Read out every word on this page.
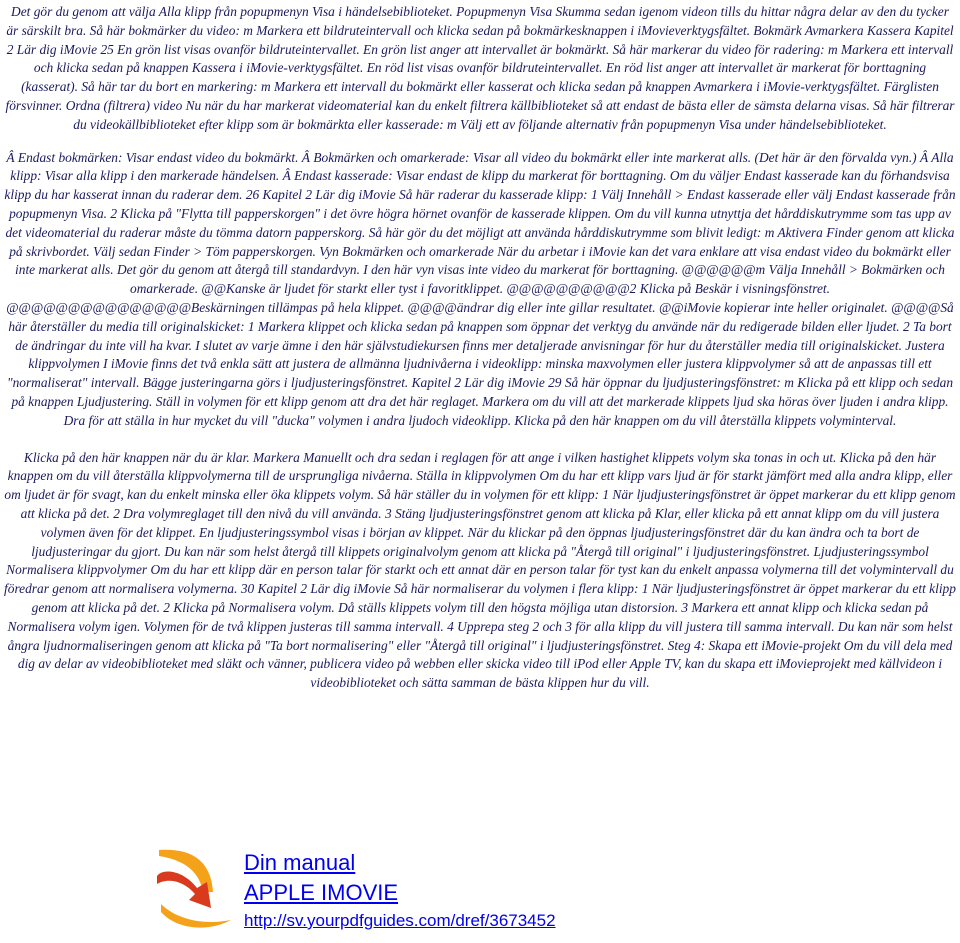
Det gör du genom att välja Alla klipp från popupmenyn Visa i händelsebiblioteket. Popupmenyn Visa Skumma sedan igenom videon tills du hittar några delar av den du tycker är särskilt bra. Så här bokmärker du video: m Markera ett bildruteintervall och klicka sedan på bokmärkesknappen i iMovieverktygsfältet. Bokmärk Avmarkera Kassera Kapitel 2 Lär dig iMovie 25 En grön list visas ovanför bildruteintervallet. En grön list anger att intervallet är bokmärkt. Så här markerar du video för radering: m Markera ett intervall och klicka sedan på knappen Kassera i iMovie-verktygsfältet. En röd list visas ovanför bildruteintervallet. En röd list anger att intervallet är markerat för borttagning (kasserat). Så här tar du bort en markering: m Markera ett intervall du bokmärkt eller kasserat och klicka sedan på knappen Avmarkera i iMovie-verktygsfältet. Färglisten försvinner. Ordna (filtrera) video Nu när du har markerat videomaterial kan du enkelt filtrera källbiblioteket så att endast de bästa eller de sämsta delarna visas. Så här filtrerar du videokällbiblioteket efter klipp som är bokmärkta eller kasserade: m Välj ett av följande alternativ från popupmenyn Visa under händelsebiblioteket.

Â Endast bokmärken: Visar endast video du bokmärkt. Â Bokmärken och omarkerade: Visar all video du bokmärkt eller inte markerat alls. (Det här är den förvalda vyn.) Â Alla klipp: Visar alla klipp i den markerade händelsen. Â Endast kasserade: Visar endast de klipp du markerat för borttagning. Om du väljer Endast kasserade kan du förhandsvisa klipp du har kasserat innan du raderar dem. 26 Kapitel 2 Lär dig iMovie Så här raderar du kasserade klipp: 1 Välj Innehåll > Endast kasserade eller välj Endast kasserade från popupmenyn Visa. 2 Klicka på "Flytta till papperskorgen" i det övre högra hörnet ovanför de kasserade klippen. Om du vill kunna utnyttja det hårddiskutrymme som tas upp av det videomaterial du raderar måste du tömma datorn papperskorg. Så här gör du det möjligt att använda hårddiskutrymme som blivit ledigt: m Aktivera Finder genom att klicka på skrivbordet. Välj sedan Finder > Töm papperskorgen. Vyn Bokmärken och omarkerade När du arbetar i iMovie kan det vara enklare att visa endast video du bokmärkt eller inte markerat alls. Det gör du genom att återgå till standardvyn. I den här vyn visas inte video du markerat för borttagning. @@@@@@m Välja Innehåll > Bokmärken och omarkerade. @@Kanske är ljudet för starkt eller tyst i favoritklippet. @@@@@@@@@@2 Klicka på Beskär i visningsfönstret. @@@@@@@@@@@@@@@Beskärningen tillämpas på hela klippet. @@@@ändrar dig eller inte gillar resultatet. @@iMovie kopierar inte heller originalet. @@@@Så här återställer du media till originalskicket: 1 Markera klippet och klicka sedan på knappen som öppnar det verktyg du använde när du redigerade bilden eller ljudet. 2 Ta bort de ändringar du inte vill ha kvar. I slutet av varje ämne i den här självstudiekursen finns mer detaljerade anvisningar för hur du återställer media till originalskicket. Justera klippvolymen I iMovie finns det två enkla sätt att justera de allmänna ljudnivåerna i videoklipp: minska maxvolymen eller justera klippvolymer så att de anpassas till ett "normaliserat" intervall. Bägge justeringarna görs i ljudjusteringsfönstret. Kapitel 2 Lär dig iMovie 29 Så här öppnar du ljudjusteringsfönstret: m Klicka på ett klipp och sedan på knappen Ljudjustering. Ställ in volymen för ett klipp genom att dra det här reglaget. Markera om du vill att det markerade klippets ljud ska höras över ljuden i andra klipp. Dra för att ställa in hur mycket du vill "ducka" volymen i andra ljudoch videoklipp. Klicka på den här knappen om du vill återställa klippets volyminterval.

Klicka på den här knappen när du är klar. Markera Manuellt och dra sedan i reglagen för att ange i vilken hastighet klippets volym ska tonas in och ut. Klicka på den här knappen om du vill återställa klippvolymerna till de ursprungliga nivåerna. Ställa in klippvolymen Om du har ett klipp vars ljud är för starkt jämfört med alla andra klipp, eller om ljudet är för svagt, kan du enkelt minska eller öka klippets volym. Så här ställer du in volymen för ett klipp: 1 När ljudjusteringsfönstret är öppet markerar du ett klipp genom att klicka på det. 2 Dra volymreglaget till den nivå du vill använda. 3 Stäng ljudjusteringsfönstret genom att klicka på Klar, eller klicka på ett annat klipp om du vill justera volymen även för det klippet. En ljudjusteringssymbol visas i början av klippet. När du klickar på den öppnas ljudjusteringsfönstret där du kan ändra och ta bort de ljudjusteringar du gjort. Du kan när som helst återgå till klippets originalvolym genom att klicka på "Återgå till original" i ljudjusteringsfönstret. Ljudjusteringssymbol Normalisera klippvolymer Om du har ett klipp där en person talar för starkt och ett annat där en person talar för tyst kan du enkelt anpassa volymerna till det volymintervall du föredrar genom att normalisera volymerna. 30 Kapitel 2 Lär dig iMovie Så här normaliserar du volymen i flera klipp: 1 När ljudjusteringsfönstret är öppet markerar du ett klipp genom att klicka på det. 2 Klicka på Normalisera volym. Då ställs klippets volym till den högsta möjliga utan distorsion. 3 Markera ett annat klipp och klicka sedan på Normalisera volym igen. Volymen för de två klippen justeras till samma intervall. 4 Upprepa steg 2 och 3 för alla klipp du vill justera till samma intervall. Du kan när som helst ångra ljudnormaliseringen genom att klicka på "Ta bort normalisering" eller "Återgå till original" i ljudjusteringsfönstret. Steg 4: Skapa ett iMovie-projekt Om du vill dela med dig av delar av videobiblioteket med släkt och vänner, publicera video på webben eller skicka video till iPod eller Apple TV, kan du skapa ett iMovieprojekt med källvideon i videobiblioteket och sätta samman de bästa klippen hur du vill.

Din manual
APPLE IMOVIE
http://sv.yourpdfguides.com/dref/3673452
